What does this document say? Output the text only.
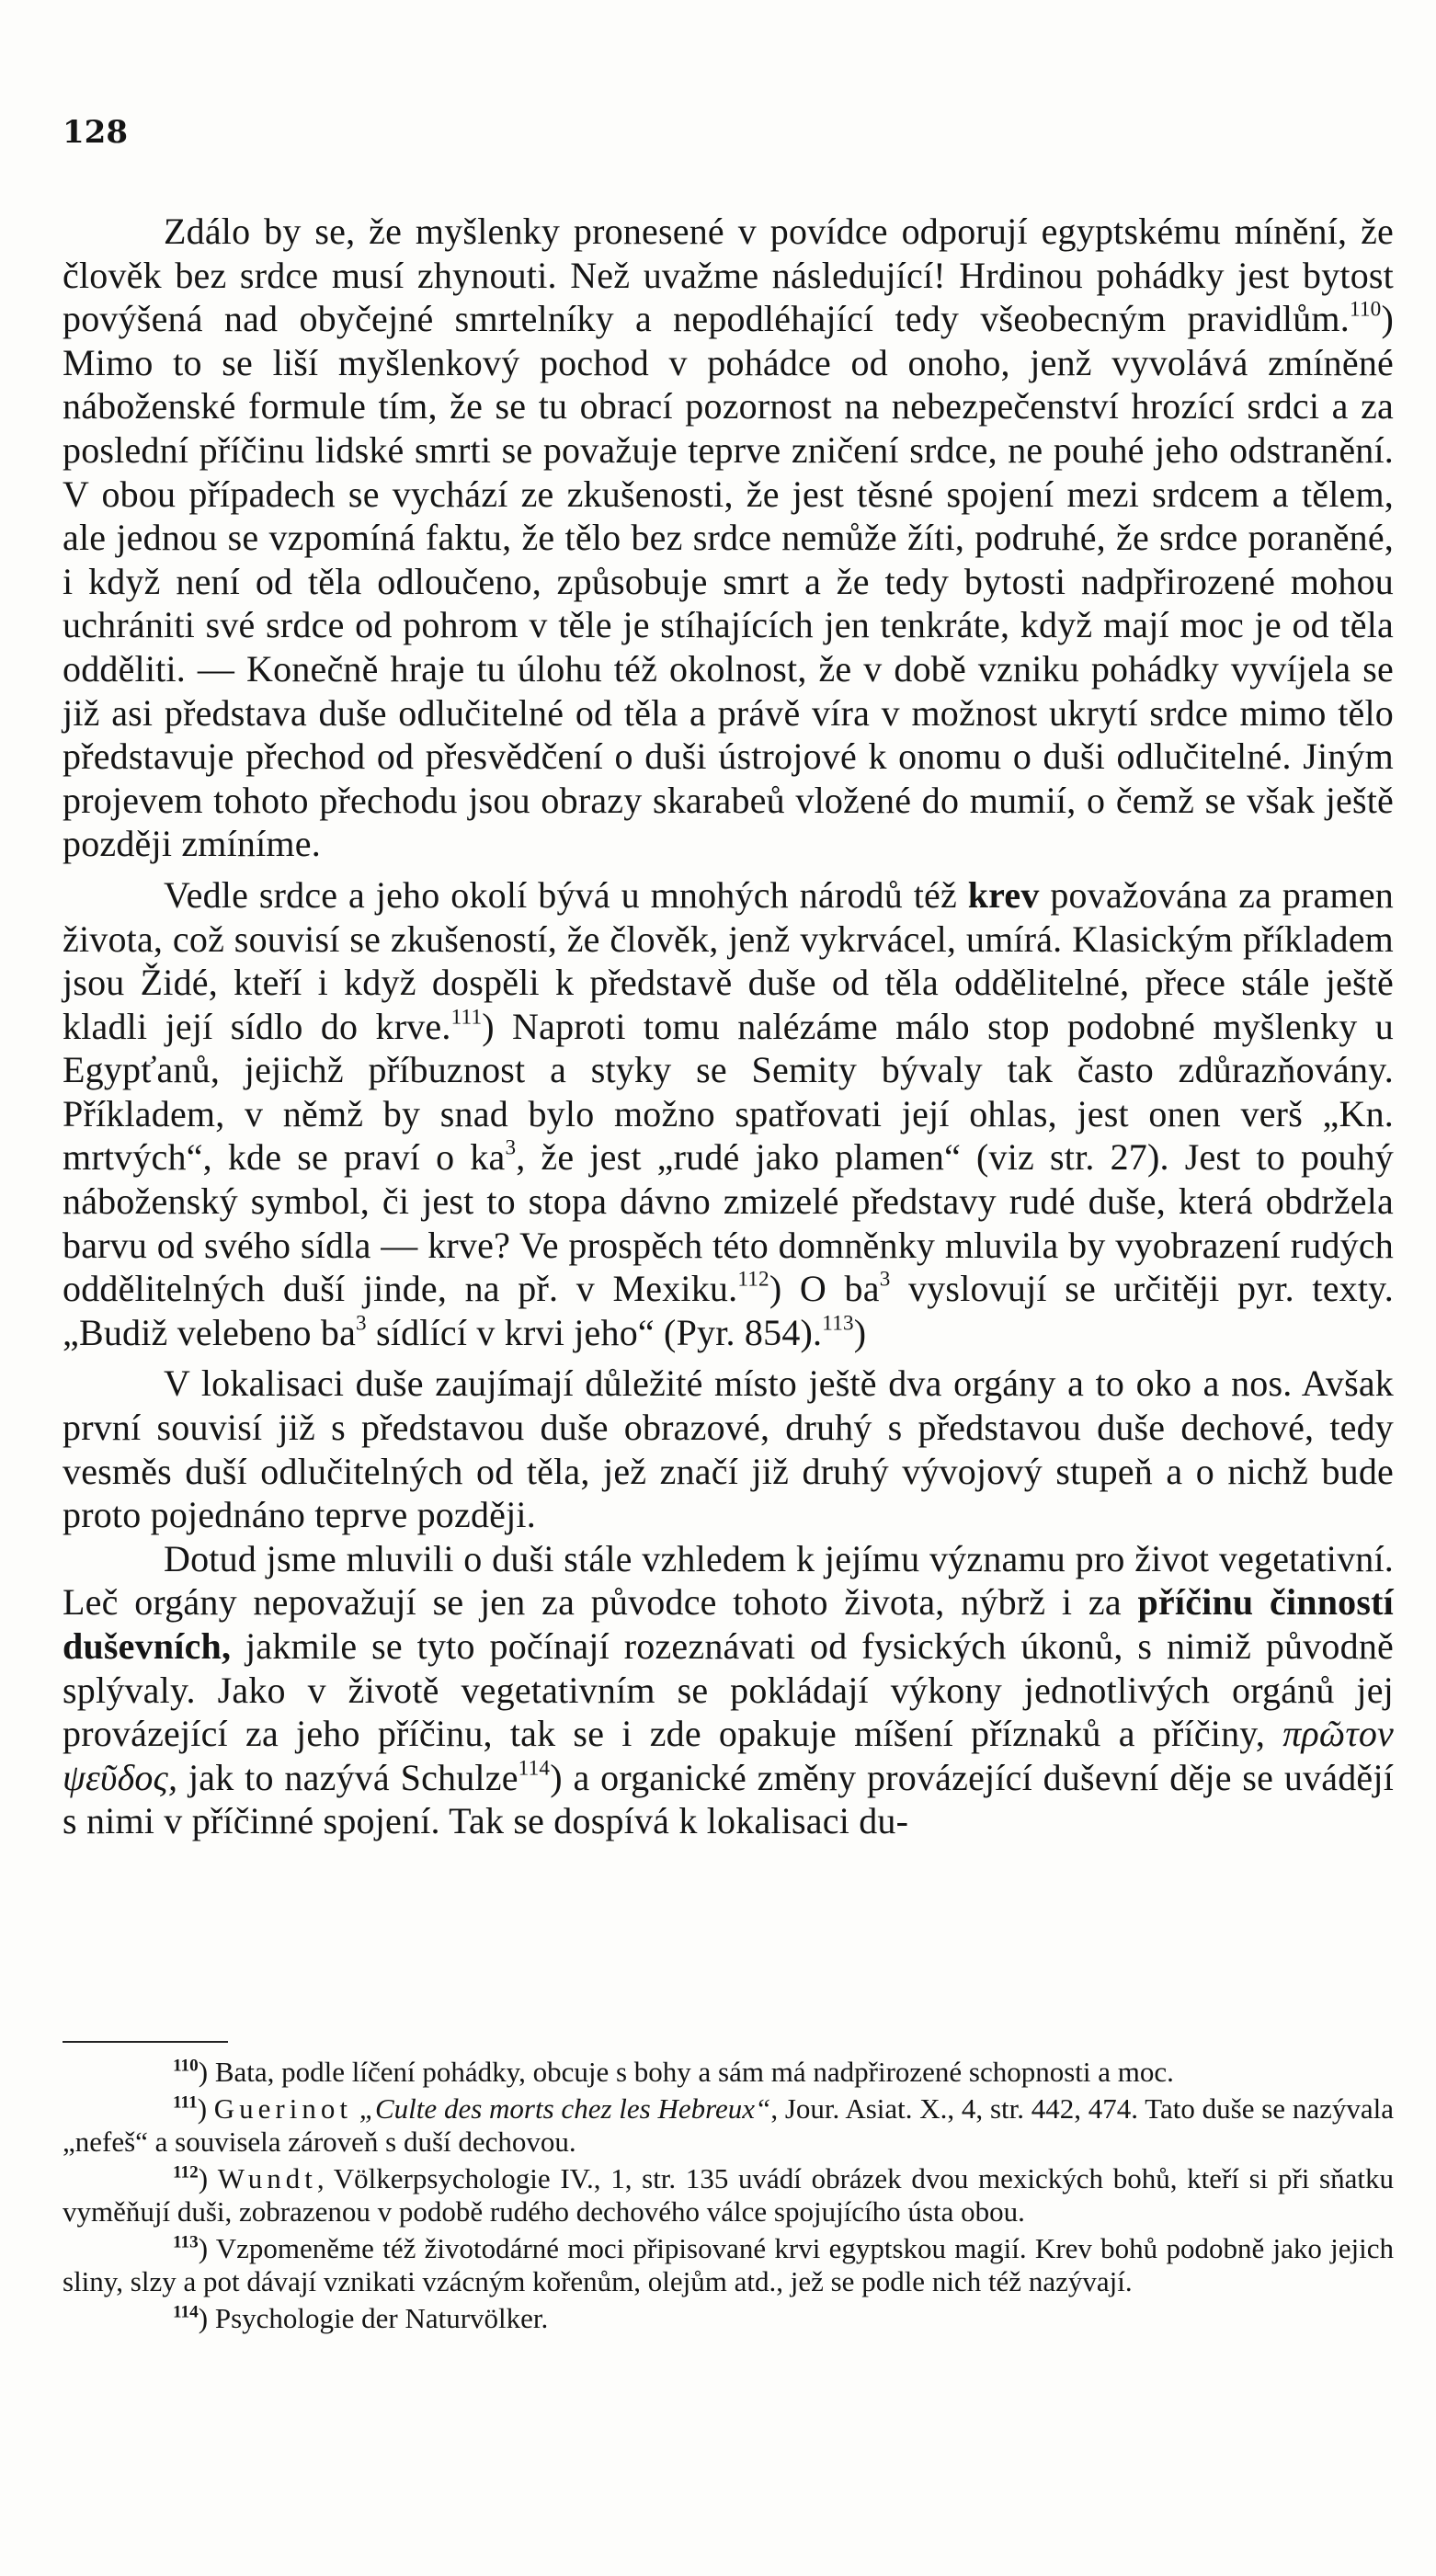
128

Zdálo by se, že myšlenky pronesené v povídce odporují egyptskému mínění, že člověk bez srdce musí zhynouti. Než uvažme následující! Hrdinou pohádky jest bytost povýšená nad obyčejné smrtelníky a nepodléhající tedy všeobecným pravidlům.$^{110}$) Mimo to se liší myšlenkový pochod v pohádce od onoho, jenž vyvolává zmíněné náboženské formule tím, že se tu obrací pozornost na nebezpečenství hrozící srdci a za poslední příčinu lidské smrti se považuje teprve zničení srdce, ne pouhé jeho odstranění. V obou případech se vychází ze zkušenosti, že jest těsné spojení mezi srdcem a tělem, ale jednou se vzpomíná faktu, že tělo bez srdce nemůže žíti, podruhé, že srdce poraněné, i když není od těla odloučeno, způsobuje smrt a že tedy bytosti nadpřirozené mohou uchrániti své srdce od pohrom v těle je stíhajících jen tenkráte, když mají moc je od těla odděliti. — Konečně hraje tu úlohu též okolnost, že v době vzniku pohádky vyvíjela se již asi představa duše odlučitelné od těla a právě víra v možnost ukrytí srdce mimo tělo představuje přechod od přesvědčení o duši ústrojové k onomu o duši odlučitelné. Jiným projevem tohoto přechodu jsou obrazy skarabeů vložené do mumií, o čemž se však ještě později zmíníme.

Vedle srdce a jeho okolí bývá u mnohých národů též krev považována za pramen života, což souvisí se zkušeností, že člověk, jenž vykrvácel, umírá. Klasickým příkladem jsou Židé, kteří i když dospěli k představě duše od těla oddělitelné, přece stále ještě kladli její sídlo do krve.$^{111}$) Naproti tomu nalézáme málo stop podobné myšlenky u Egypťanů, jejichž příbuznost a styky se Semity bývaly tak často zdůrazňovány. Příkladem, v němž by snad bylo možno spatřovati její ohlas, jest onen verš „Kn. mrtvých“, kde se praví o $ka^3$, že jest „rudé jako plamen“ (viz str. 27). Jest to pouhý náboženský symbol, či jest to stopa dávno zmizelé představy rudé duše, která obdržela barvu od svého sídla — krve? Ve prospěch této domněnky mluvila by vyobrazení rudých oddělitelných duší jinde, na př. v Mexiku.$^{112}$) O $ba^3$ vyslovují se určitěji pyr. texty. „Budiž velebeno $ba^3$ sídlící v krvi jeho“ (Pyr. 854).$^{113}$)

V lokalisaci duše zaujímají důležité místo ještě dva orgány a to oko a nos. Avšak první souvisí již s představou duše obrazové, druhý s představou duše dechové, tedy vesměs duší odlučitelných od těla, jež značí již druhý vývojový stupeň a o nichž bude proto pojednáno teprve později.

Dotud jsme mluvili o duši stále vzhledem k jejímu významu pro život vegetativní. Leč orgány nepovažují se jen za původce tohoto života, nýbrž i za příčinu činností duševních, jakmile se tyto počínají rozeznávati od fysických úkonů, s nimiž původně splývaly. Jako v životě vegetativním se pokládají výkony jednotlivých orgánů jej provázející za jeho příčinu, tak se i zde opakuje míšení příznaků a příčiny, πρῶτον ψεῦδος, jak to nazývá Schulze$^{114}$) a organické změny provázející duševní děje se uvádějí s nimi v příčinné spojení. Tak se dospívá k lokalisaci du-

$^{110}$) Bata, podle líčení pohádky, obcuje s bohy a sám má nadpřirozené schopnosti a moc.

$^{111}$) Guerinot „Culte des morts chez les Hebreux“, Jour. Asiat. X., 4, str. 442, 474. Tato duše se nazývala „nefeš“ a souvisela zároveň s duší dechovou.

$^{112}$) Wundt, Völkerpsychologie IV., 1, str. 135 uvádí obrázek dvou mexických bohů, kteří si při sňatku vyměňují duši, zobrazenou v podobě rudého dechového válce spojujícího ústa obou.

$^{113}$) Vzpomeněme též životodárné moci připisované krvi egyptskou magií. Krev bohů podobně jako jejich sliny, slzy a pot dávají vznikati vzácným kořenům, olejům atd., jež se podle nich též nazývají.

$^{114}$) Psychologie der Naturvölker.
